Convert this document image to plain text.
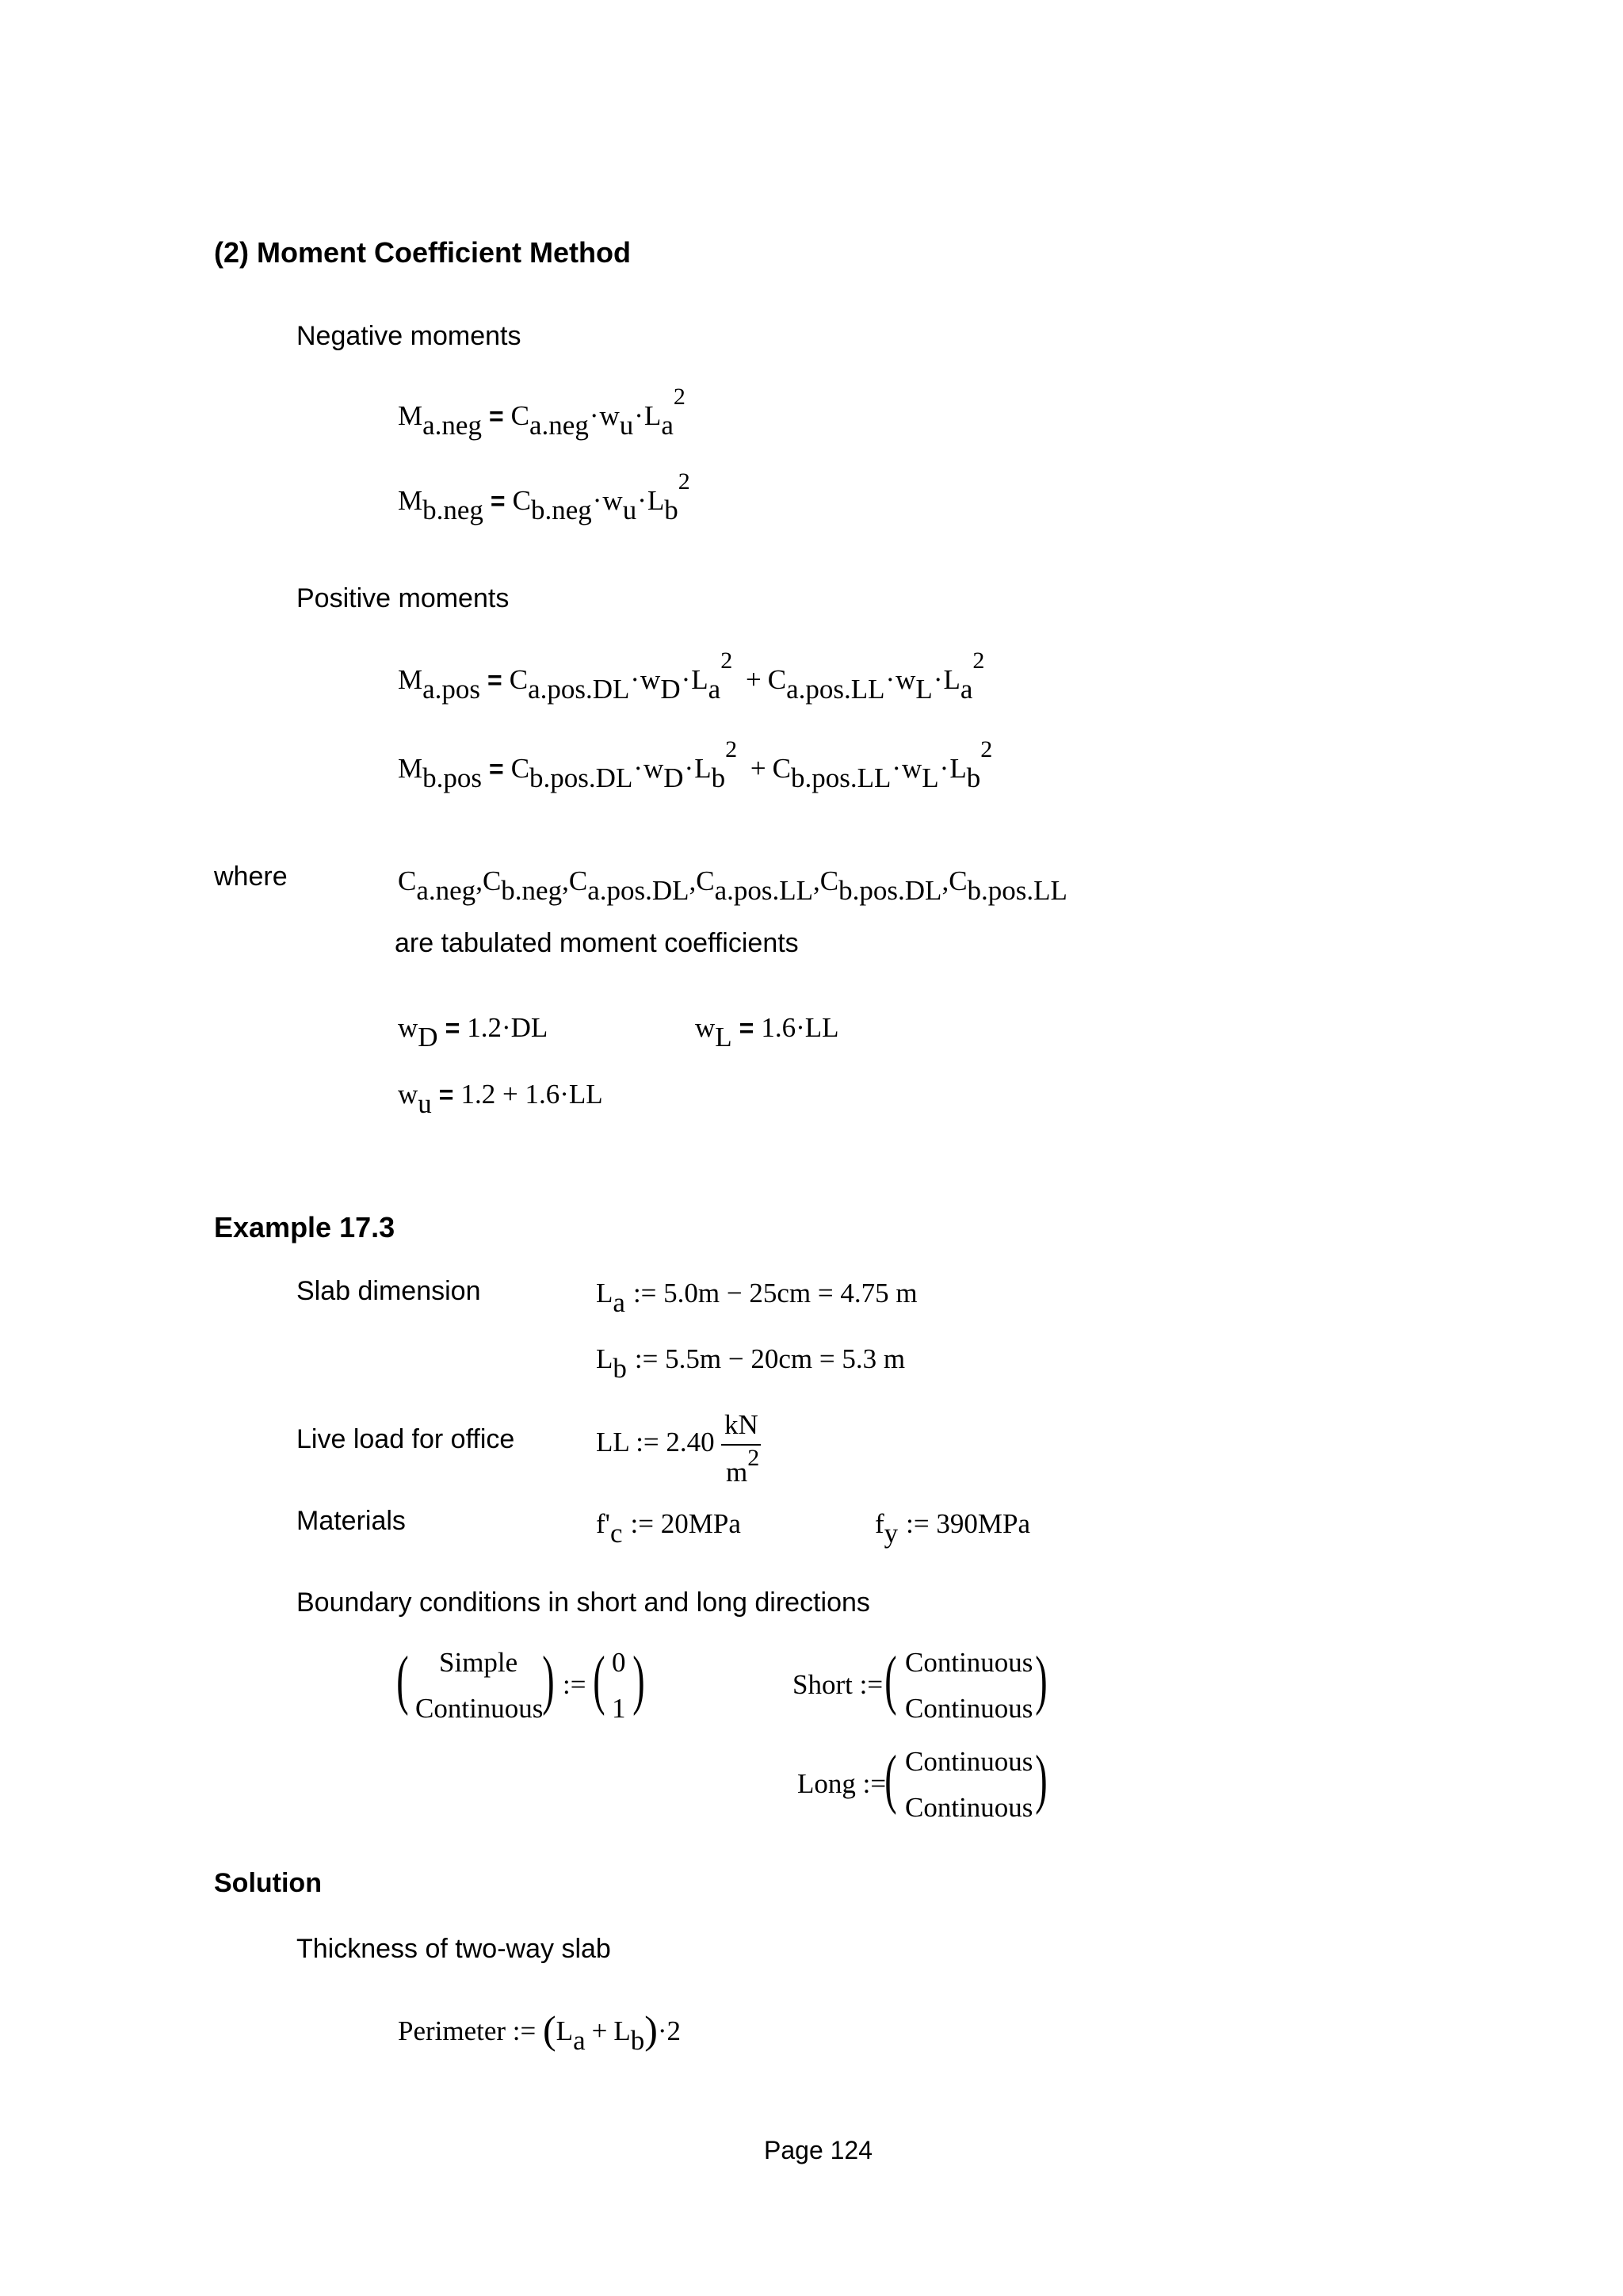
(2) Moment Coefficient Method
Negative moments
Ma.neg = Ca.neg·wu·La2
Mb.neg = Cb.neg·wu·Lb2
Positive moments
Ma.pos = Ca.pos.DL·wD·La2 + Ca.pos.LL·wL·La2
Mb.pos = Cb.pos.DL·wD·Lb2 + Cb.pos.LL·wL·Lb2
where	Ca.neg,Cb.neg,Ca.pos.DL,Ca.pos.LL,Cb.pos.DL,Cb.pos.LL
are tabulated moment coefficients
wD = 1.2·DL	wL = 1.6·LL
wu = 1.2 + 1.6·LL
Example 17.3
Slab dimension	La := 5.0m − 25cm = 4.75 m
Lb := 5.5m − 20cm = 5.3 m
Live load for office	LL := 2.40
kN
m2
Materials	f'c := 20MPa	fy := 390MPa
Boundary conditions in short and long directions
( Simple
Continuous
) := ( 0
1 )	Short := ( Continuous
Continuous )
Long :=
( Continuous
Continuous )
Solution
Thickness of two-way slab
Perimeter := (La + Lb)·2
Page 124
